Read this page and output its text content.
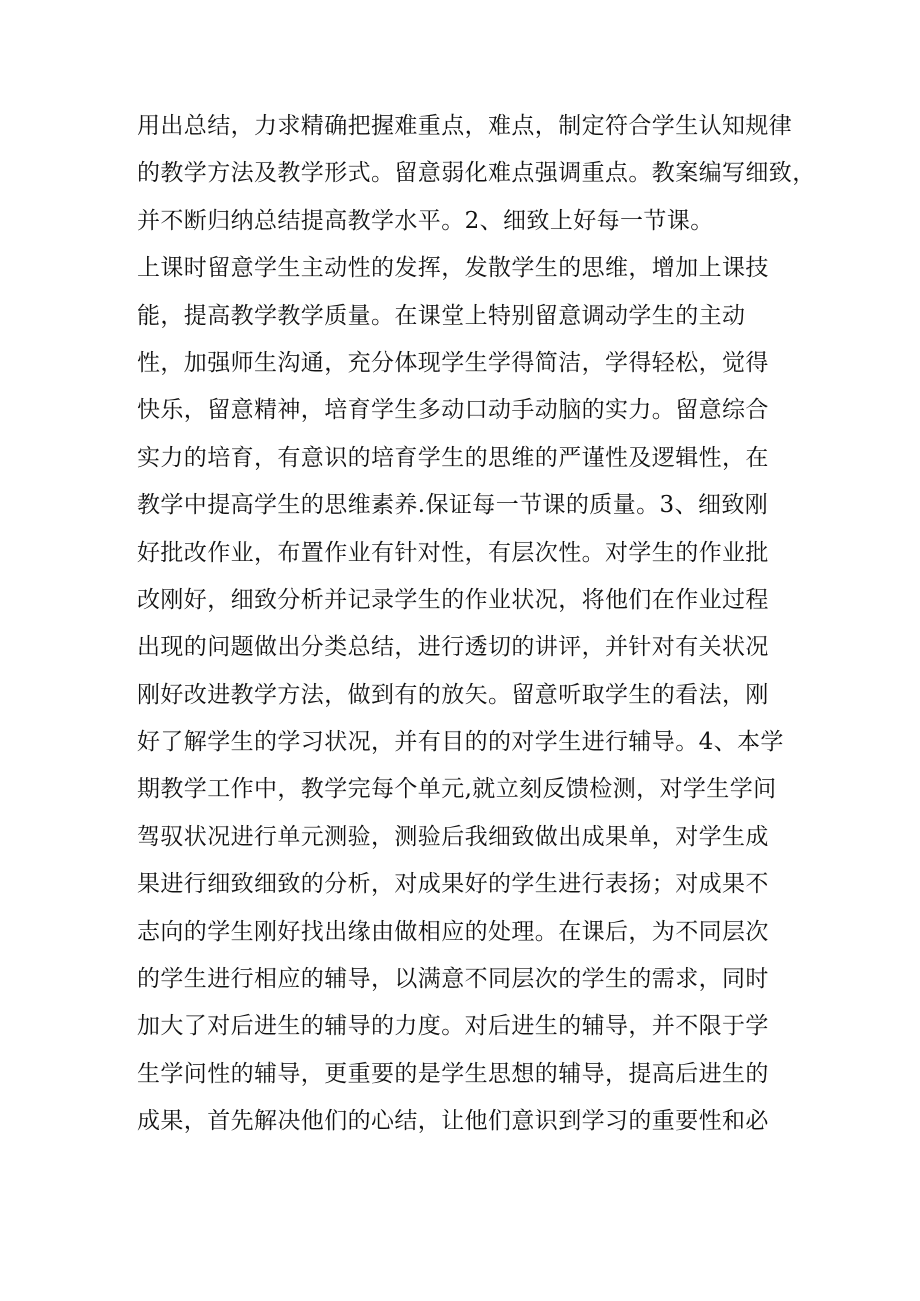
用出总结，力求精确把握难重点，难点，制定符合学生认知规律
的教学方法及教学形式。留意弱化难点强调重点。教案编写细致，
并不断归纳总结提高教学水平。2、细致上好每一节课。
上课时留意学生主动性的发挥，发散学生的思维，增加上课技
能，提高教学教学质量。在课堂上特别留意调动学生的主动
性，加强师生沟通，充分体现学生学得简洁，学得轻松，觉得
快乐，留意精神，培育学生多动口动手动脑的实力。留意综合
实力的培育，有意识的培育学生的思维的严谨性及逻辑性，在
教学中提高学生的思维素养.保证每一节课的质量。3、细致刚
好批改作业，布置作业有针对性，有层次性。对学生的作业批
改刚好，细致分析并记录学生的作业状况，将他们在作业过程
出现的问题做出分类总结，进行透切的讲评，并针对有关状况
刚好改进教学方法，做到有的放矢。留意听取学生的看法，刚
好了解学生的学习状况，并有目的的对学生进行辅导。4、本学
期教学工作中，教学完每个单元,就立刻反馈检测，对学生学问
驾驭状况进行单元测验，测验后我细致做出成果单，对学生成
果进行细致细致的分析，对成果好的学生进行表扬；对成果不
志向的学生刚好找出缘由做相应的处理。在课后，为不同层次
的学生进行相应的辅导，以满意不同层次的学生的需求，同时
加大了对后进生的辅导的力度。对后进生的辅导，并不限于学
生学问性的辅导，更重要的是学生思想的辅导，提高后进生的
成果，首先解决他们的心结，让他们意识到学习的重要性和必
